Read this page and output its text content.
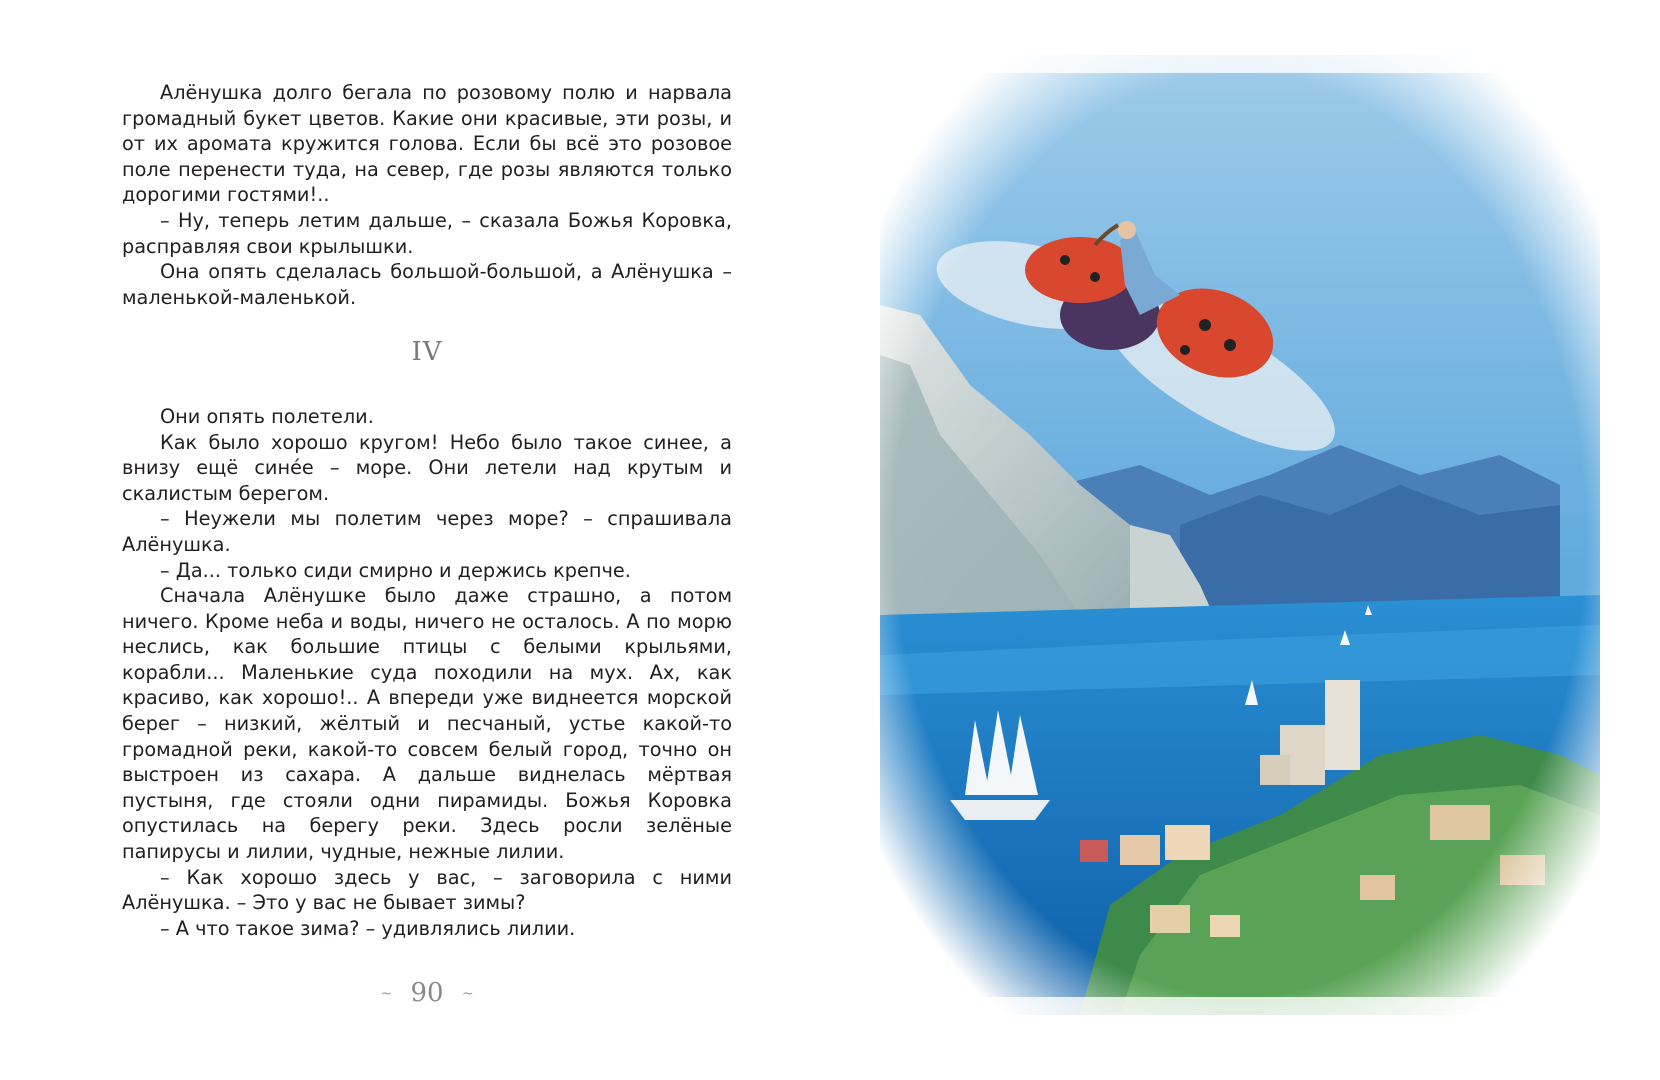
Алёнушка долго бегала по розовому полю и нарвала громадный букет цветов. Какие они красивые, эти розы, и от их аромата кружится голова. Если бы всё это розовое поле перенести туда, на север, где розы являются только дорогими гостями!..

– Ну, теперь летим дальше, – сказала Божья Коровка, расправляя свои крылышки.

Она опять сделалась большой-большой, а Алёнушка – маленькой-маленькой.

IV

Они опять полетели.

Как было хорошо кругом! Небо было такое синее, а внизу ещё синée – море. Они летели над крутым и скалистым берегом.

– Неужели мы полетим через море? – спрашивала Алёнушка.

– Да... только сиди смирно и держись крепче.

Сначала Алёнушке было даже страшно, а потом ничего. Кроме неба и воды, ничего не осталось. А по морю неслись, как большие птицы с белыми крыльями, корабли... Маленькие суда походили на мух. Ах, как красиво, как хорошо!.. А впереди уже виднеется морской берег – низкий, жёлтый и песчаный, устье какой-то громадной реки, какой-то совсем белый город, точно он выстроен из сахара. А дальше виднелась мёртвая пустыня, где стояли одни пирамиды. Божья Коровка опустилась на берегу реки. Здесь росли зелёные папирусы и лилии, чудные, нежные лилии.

– Как хорошо здесь у вас, – заговорила с ними Алёнушка. – Это у вас не бывает зимы?

– А что такое зима? – удивлялись лилии.

~ 90 ~
